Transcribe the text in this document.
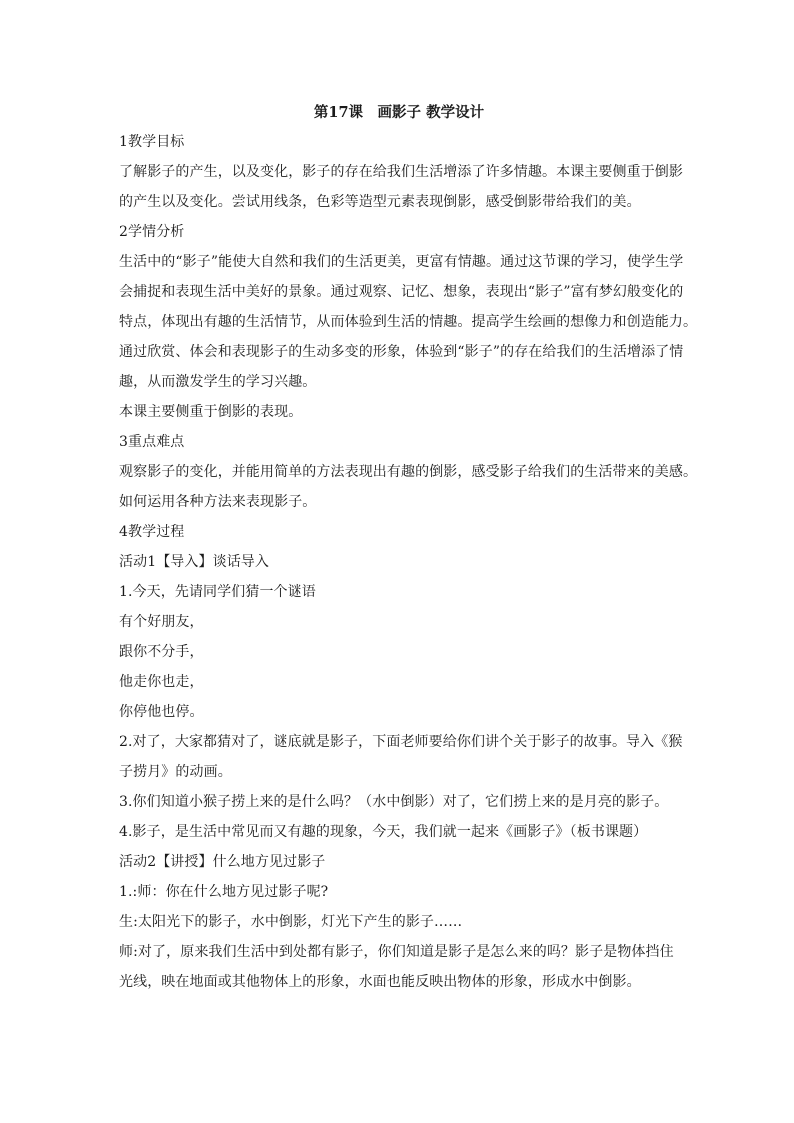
第17课　画影子 教学设计
1教学目标
了解影子的产生，以及变化，影子的存在给我们生活增添了许多情趣。本课主要侧重于倒影
的产生以及变化。尝试用线条，色彩等造型元素表现倒影，感受倒影带给我们的美。
2学情分析
生活中的“影子”能使大自然和我们的生活更美，更富有情趣。通过这节课的学习，使学生学
会捕捉和表现生活中美好的景象。通过观察、记忆、想象，表现出“影子”富有梦幻般变化的
特点，体现出有趣的生活情节，从而体验到生活的情趣。提高学生绘画的想像力和创造能力。
通过欣赏、体会和表现影子的生动多变的形象，体验到“影子”的存在给我们的生活增添了情
趣，从而激发学生的学习兴趣。
本课主要侧重于倒影的表现。
3重点难点
观察影子的变化，并能用简单的方法表现出有趣的倒影，感受影子给我们的生活带来的美感。
如何运用各种方法来表现影子。
4教学过程
活动1【导入】谈话导入
1.今天，先请同学们猜一个谜语
有个好朋友，
跟你不分手，
他走你也走，
你停他也停。
2.对了，大家都猜对了，谜底就是影子，下面老师要给你们讲个关于影子的故事。导入《猴
子捞月》的动画。
3.你们知道小猴子捞上来的是什么吗？（水中倒影）对了，它们捞上来的是月亮的影子。
4.影子，是生活中常见而又有趣的现象，今天，我们就一起来《画影子》（板书课题）
活动2【讲授】什么地方见过影子
1.:师：你在什么地方见过影子呢?
生:太阳光下的影子，水中倒影，灯光下产生的影子……
师:对了，原来我们生活中到处都有影子，你们知道是影子是怎么来的吗？影子是物体挡住
光线，映在地面或其他物体上的形象，水面也能反映出物体的形象，形成水中倒影。
